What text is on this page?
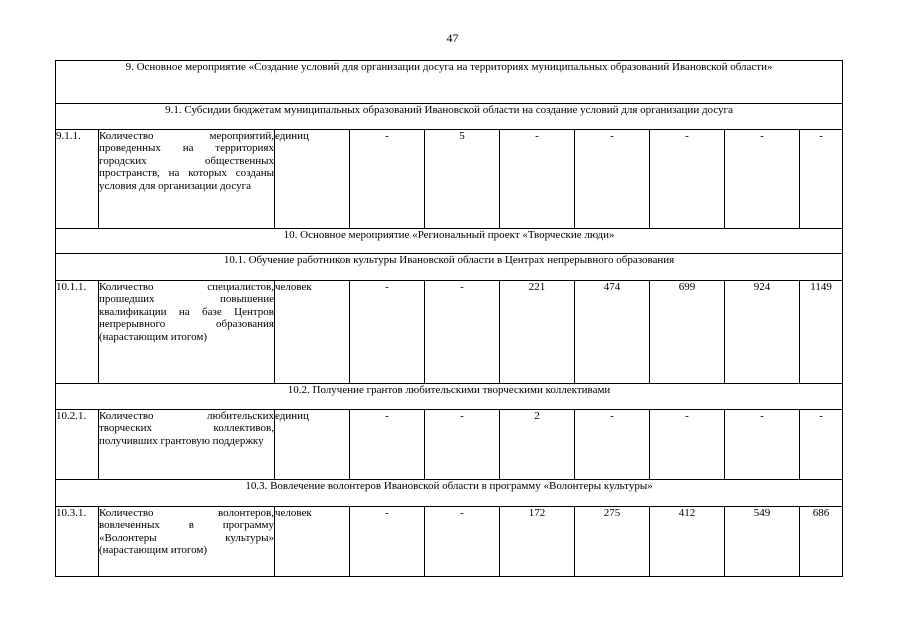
47
9. Основное мероприятие «Создание условий для организации досуга на территориях муниципальных образований Ивановской области»									
9.1. Субсидии бюджетам муниципальных образований Ивановской области на создание условий для организации досуга									
9.1.1.	Количество мероприятий, проведенных на территориях городских общественных пространств, на которых созданы условия для организации досуга	единиц	-	5	-	-	-	-	-
10. Основное мероприятие «Региональный проект «Творческие люди»									
10.1. Обучение работников культуры Ивановской области в Центрах непрерывного образования									
10.1.1.	Количество специалистов, прошедших повышение квалификации на базе Центров непрерывного образования (нарастающим итогом)	человек	-	-	221	474	699	924	1149
10.2. Получение грантов любительскими творческими коллективами									
10.2.1.	Количество любительских творческих коллективов, получивших грантовую поддержку	единиц	-	-	2	-	-	-	-
10.3. Вовлечение волонтеров Ивановской области в программу «Волонтеры культуры»									
10.3.1.	Количество волонтеров, вовлеченных в программу «Волонтеры культуры» (нарастающим итогом)	человек	-	-	172	275	412	549	686
